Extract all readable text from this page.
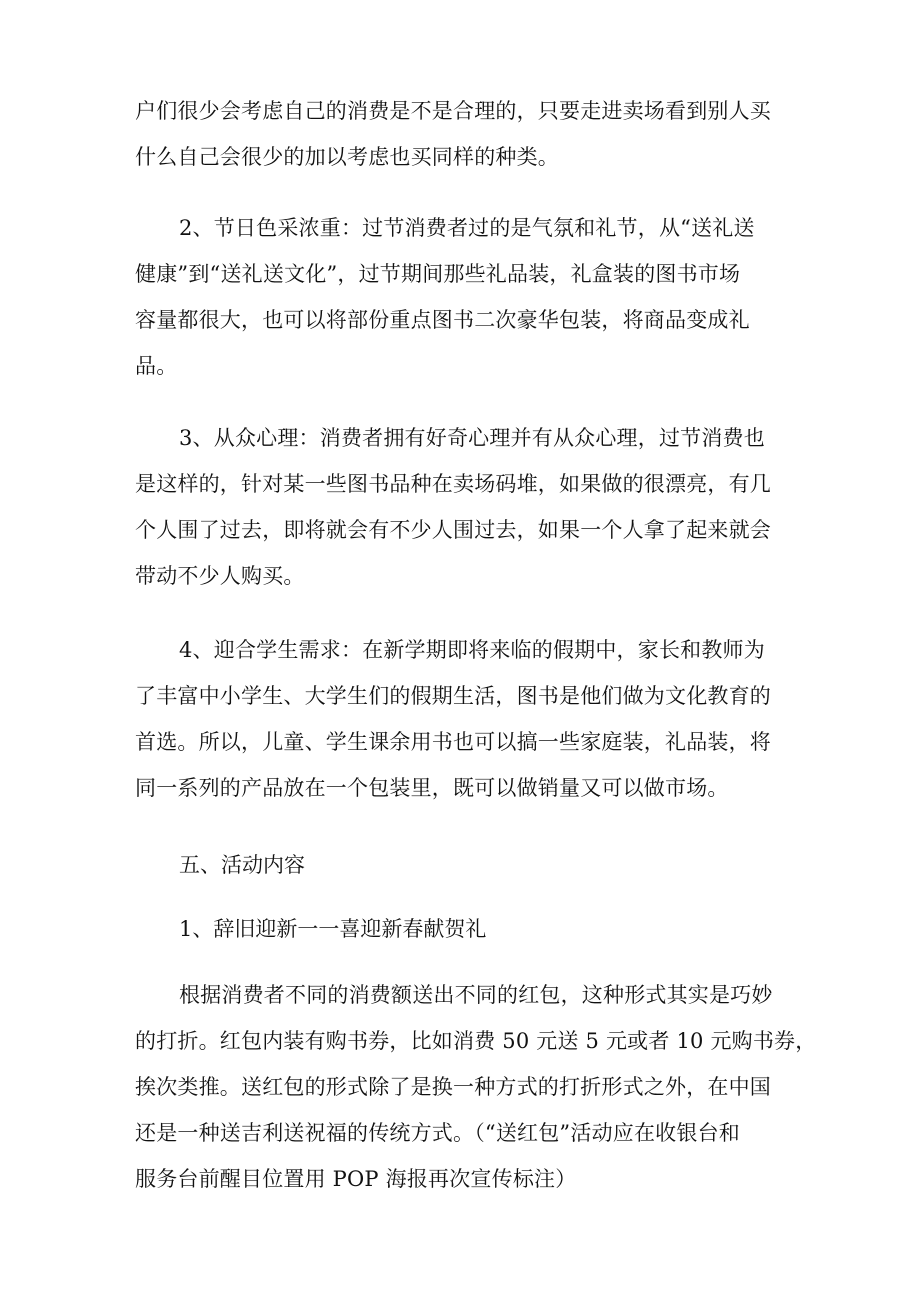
户们很少会考虑自己的消费是不是合理的，只要走进卖场看到别人买
什么自己会很少的加以考虑也买同样的种类。
2、节日色采浓重：过节消费者过的是气氛和礼节，从“送礼送
健康”到“送礼送文化”，过节期间那些礼品装，礼盒装的图书市场
容量都很大，也可以将部份重点图书二次豪华包装，将商品变成礼
品。
3、从众心理：消费者拥有好奇心理并有从众心理，过节消费也
是这样的，针对某一些图书品种在卖场码堆，如果做的很漂亮，有几
个人围了过去，即将就会有不少人围过去，如果一个人拿了起来就会
带动不少人购买。
4、迎合学生需求：在新学期即将来临的假期中，家长和教师为
了丰富中小学生、大学生们的假期生活，图书是他们做为文化教育的
首选。所以，儿童、学生课余用书也可以搞一些家庭装，礼品装，将
同一系列的产品放在一个包装里，既可以做销量又可以做市场。
五、活动内容
1、辞旧迎新一一喜迎新春献贺礼
根据消费者不同的消费额送出不同的红包，这种形式其实是巧妙
的打折。红包内装有购书券，比如消费 50 元送 5 元或者 10 元购书券，
挨次类推。送红包的形式除了是换一种方式的打折形式之外，在中国
还是一种送吉利送祝福的传统方式。（“送红包”活动应在收银台和
服务台前醒目位置用 POP 海报再次宣传标注）
